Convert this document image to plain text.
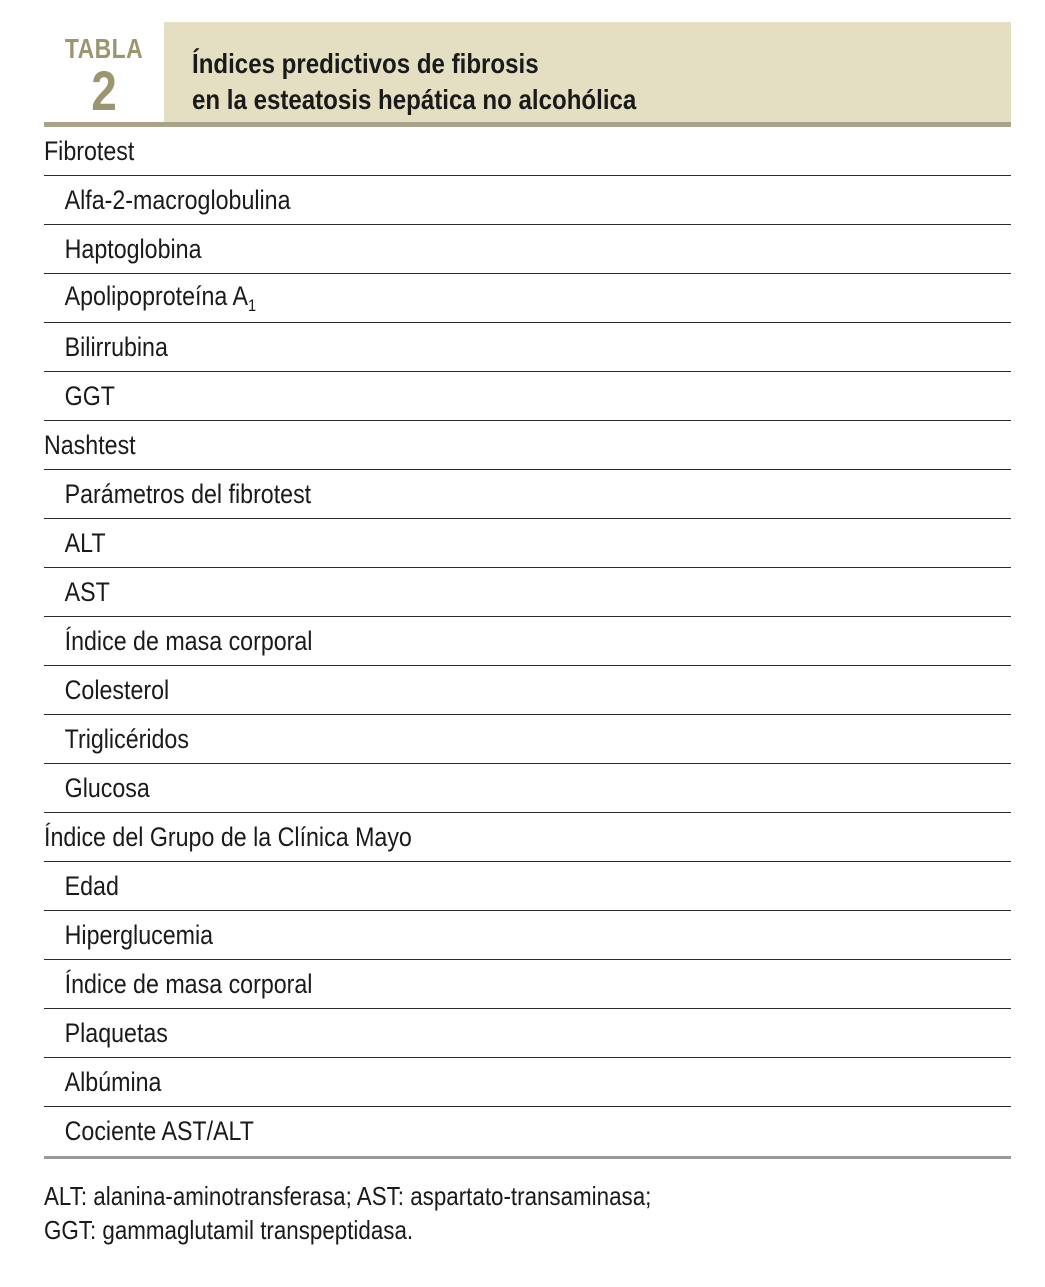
TABLA
2	Índices predictivos de fibrosis
en la esteatosis hepática no alcohólica
Fibrotest
Alfa-2-macroglobulina
Haptoglobina
Apolipoproteína $A_1$
Bilirrubina
GGT
Nashtest
Parámetros del fibrotest
ALT
AST
Índice de masa corporal
Colesterol
Triglicéridos
Glucosa
Índice del Grupo de la Clínica Mayo
Edad
Hiperglucemia
Índice de masa corporal
Plaquetas
Albúmina
Cociente AST/ALT
ALT: alanina-aminotransferasa; AST: aspartato-transaminasa;
GGT: gammaglutamil transpeptidasa.
